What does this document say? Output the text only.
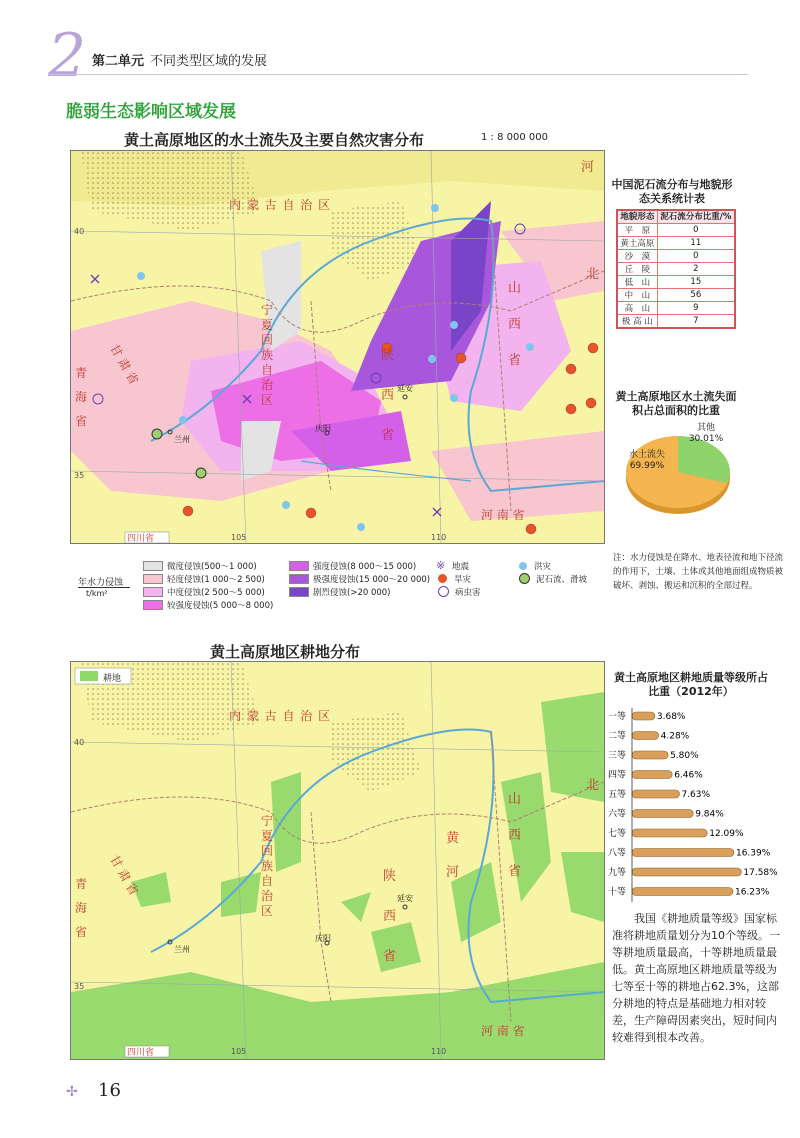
2 第二单元 不同类型区域的发展
脆弱生态影响区域发展
黄土高原地区的水土流失及主要自然灾害分布	1 : 8 000 000
内 蒙 古 自 治 区
宁
夏
回
族
自
治
区
甘 肃 省
青 海 省
陕 西 省
山 西 省
河 南 省
四川省
河
北
延安
庆阳
兰州
105	110
35
40
中国泥石流分布与地貌形态关系统计表
地貌形态	泥石流分布比重/%
平　原	0
黄土高原	11
沙　漠	0
丘　陵	2
低　山	15
中　山	56
高　山	9
极 高 山	7
黄土高原地区水土流失面积占总面积的比重
其他
30.01%
水土流失
69.99%
年水力侵蚀
t/km²
微度侵蚀(500～1 000)
轻度侵蚀(1 000～2 500)
中度侵蚀(2 500～5 000)
较强度侵蚀(5 000～8 000)
强度侵蚀(8 000～15 000)
极强度侵蚀(15 000～20 000)
剧烈侵蚀(>20 000)
※ 地震
旱灾
病虫害
洪灾
泥石流、滑坡
注：水力侵蚀是在降水、地表径流和地下径流的作用下，土壤、土体或其他地面组成物质被破坏、剥蚀、搬运和沉积的全部过程。
黄土高原地区耕地分布
耕地
内 蒙 古 自 治 区
宁
夏
回
族
自
治
区
甘 肃 省
青 海 省
陕 西 省
山 西 省
黄 河
河 南 省
四川省
北
延安
庆阳
兰州
105	110
35
40
黄土高原地区耕地质量等级所占比重（2012年）
一等	3.68%
二等	4.28%
三等	5.80%
四等	6.46%
五等	7.63%
六等	9.84%
七等	12.09%
八等	16.39%
九等	17.58%
十等	16.23%
我国《耕地质量等级》国家标准将耕地质量划分为10个等级。一等耕地质量最高，十等耕地质量最低。黄土高原地区耕地质量等级为七等至十等的耕地占62.3%，这部分耕地的特点是基础地力相对较差，生产障碍因素突出，短时间内较难得到根本改善。
✢ 16
